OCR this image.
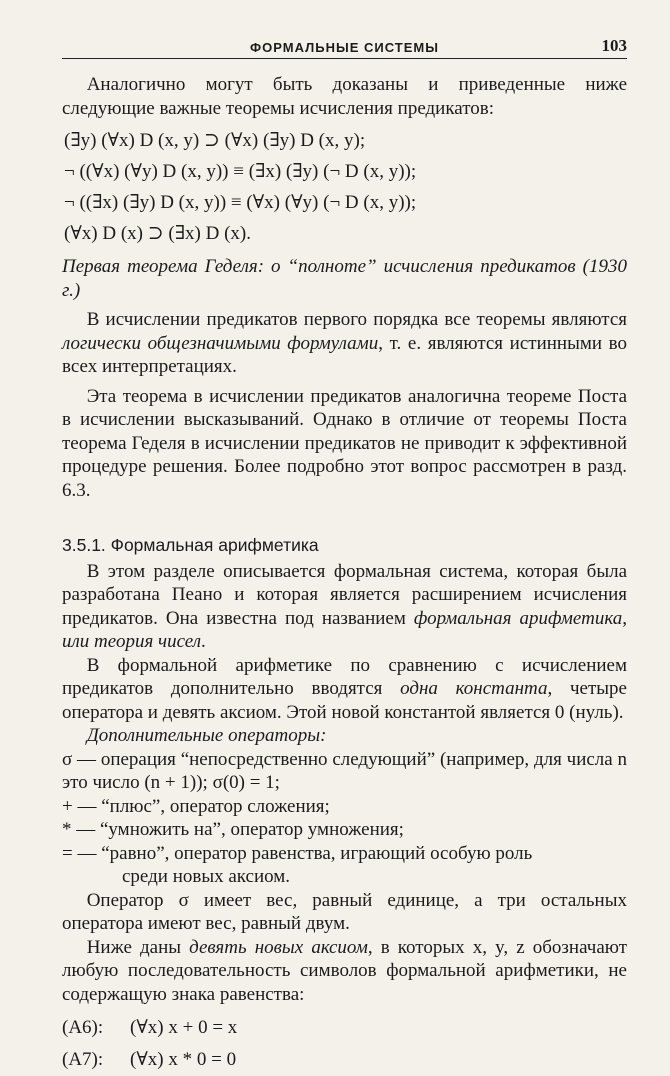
ФОРМАЛЬНЫЕ СИСТЕМЫ	103

Аналогично могут быть доказаны и приведенные ниже следующие важные теоремы исчисления предикатов:

(∃y) (∀x) D (x, y) ⊃ (∀x) (∃y) D (x, y);
¬ ((∀x) (∀y) D (x, y)) ≡ (∃x) (∃y) (¬ D (x, y));
¬ ((∃x) (∃y) D (x, y)) ≡ (∀x) (∀y) (¬ D (x, y));
(∀x) D (x) ⊃ (∃x) D (x).

Первая теорема Геделя: о “полноте” исчисления предикатов (1930 г.)

В исчислении предикатов первого порядка все теоремы являются логически общезначимыми формулами, т. е. являются истинными во всех интерпретациях.

Эта теорема в исчислении предикатов аналогична теореме Поста в исчислении высказываний. Однако в отличие от теоремы Поста теорема Геделя в исчислении предикатов не приводит к эффективной процедуре решения. Более подробно этот вопрос рассмотрен в разд. 6.3.

3.5.1. Формальная арифметика

В этом разделе описывается формальная система, которая была разработана Пеано и которая является расширением исчисления предикатов. Она известна под названием формальная арифметика, или теория чисел.

В формальной арифметике по сравнению с исчислением предикатов дополнительно вводятся одна константа, четыре оператора и девять аксиом. Этой новой константой является 0 (нуль).

Дополнительные операторы:

σ — операция “непосредственно следующий” (например, для числа n это число (n + 1)); σ(0) = 1;

+ — “плюс”, оператор сложения;

* — “умножить на”, оператор умножения;

= — “равно”, оператор равенства, играющий особую роль

среди новых аксиом.

Оператор σ имеет вес, равный единице, а три остальных оператора имеют вес, равный двум.

Ниже даны девять новых аксиом, в которых x, y, z обозначают любую последовательность символов формальной арифметики, не содержащую знака равенства:

(A6): (∀x) x + 0 = x
(A7): (∀x) x * 0 = 0
